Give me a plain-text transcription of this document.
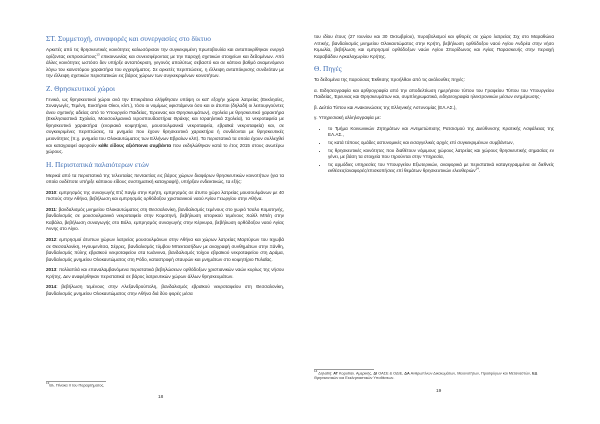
ΣΤ. Συμμετοχή, συναφορές και συνεργασίες στο δίκτυο

Αρκετές από τις θρησκευτικές κοινότητες καλωσόρισαν την συγκεκριμένη πρωτοβουλία και ανταποκρίθηκαν ενεργά ορίζοντας εκπροσώπους$^{13}$ επικοινωνίας και συνεισφέροντας με την παροχή σχετικών στοιχείων και δεδομένων. Από άλλες κοινότητες ωστόσο δεν υπήρξε ανταπόκριση, γεγονός απολύτως σεβαστό και σε κάποιο βαθμό αναμενόμενο λόγω του καινοτόμου χαρακτήρα του εγχειρήματος. Σε αρκετές περιπτώσεις, η έλλειψη ανταπόκρισης συνδεόταν με την έλλειψη σχετικών περιστατικών εις βάρος χώρων των συγκεκριμένων κοινοτήτων.

Ζ. Θρησκευτικοί χώροι

Γενικά, ως θρησκευτικοί χώροι ανά την Επικράτεια ελήφθησαν υπόψη οι κατ' εξοχήν χώροι λατρείας (Εκκλησίες, Συναγωγές, Τεμένη, Ευκτήριοι Οίκοι, κλπ.), τόσο οι νομίμως υφιστάμενοι όσο και οι άτυποι (δηλαδή οι λειτουργούντες άνευ σχετικής αδείας από το Υπουργείο Παιδείας, Έρευνας και Θρησκευμάτων), σχολεία με θρησκευτικό χαρακτήρα (Εκκλησιαστικά Σχολεία, Μουσουλμανικά Ιεροσπουδαστήρια Θράκης και Ισραηλιτικά Σχολεία), τα νεκροταφεία με θρησκευτικό χαρακτήρα (ενοριακά κοιμητήρια, μουσουλμανικά νεκροταφεία, εβραϊκά νεκροταφεία) και, σε συγκεκριμένες περιπτώσεις, τα μνημεία που έχουν θρησκευτικό χαρακτήρα ή συνδέονται με θρησκευτικές μειονότητες (π.χ. μνημεία του Ολοκαυτώματος των Ελλήνων Εβραίων κλπ). Τα περιστατικά τα οποία έχουν συλλεχθεί και καταγραφεί αφορούν κάθε είδους αξιόποινα συμβάντα που εκδηλώθηκαν κατά το έτος 2015 στους ανωτέρω χώρους.

Η. Περιστατικά παλαιότερων ετών

Μερικά από τα περιστατικά της τελευταίας πενταετίας εις βάρος χώρων διαφόρων θρησκευτικών κοινοτήτων (για τα οποία ουδέποτε υπήρξε κάποιου είδους συστηματική καταγραφή), υπήρξαν ενδεικτικώς, τα εξής:

2010: εμπρησμός της συναγωγής Ετζ Χαγίμ στην Κρήτη, εμπρησμός σε άτυπο χώρο λατρείας μουσουλμάνων με 40 πιστούς στην Αθήνα, βεβήλωση και εμπρησμός ορθόδοξου χριστιανικού ναού Αγίου Γεωργίου στην Αθήνα.

2011: βανδαλισμός μνημείου Ολοκαυτώματος στη Θεσσαλονίκη, βανδαλισμός τεμένους στο χωριό Ίσαλο Κομοτηνής, βανδαλισμός σε μουσουλμανικό νεκροταφείο στην Κομοτηνή, βεβήλωση ιστορικού τεμένους Χαλίλ Μπέη στην Καβάλα, βεβήλωση συναγωγής στο Βόλο, εμπρησμός συναγωγής στην Κέρκυρα, βεβήλωση ορθόδοξου ναού Αγίας Άννης στο Αίγιο.

2012: εμπρησμοί άτυπων χώρων λατρείας μουσουλμάνων στην Αθήνα και χώρων λατρείας Μαρτύρων του Ιεχωβά σε Θεσσαλονίκη, Ηγουμενίτσα, Σέρρες, βανδαλισμός τύμβου Μπεκτασήδων με αναγραφή συνθημάτων στην Ξάνθη, βανδαλισμός πύλης εβραϊκού νεκροταφείου στα Ιωάννινα, βανδαλισμός τοίχου εβραϊκού νεκροταφείου στη Δράμα, βανδαλισμός μνημείου Ολοκαυτώματος στη Ρόδο, καταστροφή σταυρών και μνημάτων στο κοιμητήριο Πυλαΐας.

2013: πολλαπλά και επαναλαμβανόμενα περιστατικά βεβηλώσεων ορθόδοξων χριστιανικών ναών κυρίως της νήσου Κρήτης. Δεν αναφέρθηκαν περιστατικά σε βάρος λατρευτικών χώρων άλλων θρησκευμάτων.

2014: βεβήλωση τεμένους στην Αλεξανδρούπολη, βανδαλισμός εβραϊκού νεκροταφείου στη Θεσσαλονίκη, βανδαλισμός μνημείου Ολοκαυτώματος στην Αθήνα διά δύο φορές μέσα

$^{13}$Βλ. Πίνακα II του Παραρτήματος.
18

του ιδίου έτους (27 Ιουνίου και 30 Οκτωβρίου), πυροβολισμοί και φθορές σε χώρο λατρείας Σιχ στο Μαραθώνα Αττικής, βανδαλισμός μνημείου Ολοκαυτώματος στην Κρήτη, βεβήλωση ορθόδοξου ναού Αγίου Ανδρέα στην νήσο Κιμωλία, βεβήλωση και εμπρησμοί ορθόδοξων ναών Αγίου Σπυρίδωνος και Αγίας Παρασκευής στην περιοχή Καραβάδου Αρκαλοχωρίου Κρήτης.

Θ. Πηγές

Τα δεδομένα της παρούσας Έκθεσης προήλθαν από τις ακόλουθες πηγές:

α. Ειδησεογραφία και αρθρογραφία από την αποδελτίωση ημερήσιου τύπου του Γραφείου Τύπου του Υπουργείου Παιδείας, Έρευνας και Θρησκευμάτων και, συμπληρωματικά, ειδησεογραφία ηλεκτρονικών μέσων ενημέρωσης·

β. Δελτία Τύπου και Ανακοινώσεις της Ελληνικής Αστυνομίας (ΕΛ.ΑΣ.),

γ. Υπηρεσιακή αλληλογραφία με:

• το Τμήμα Κοινωνικών Ζητημάτων και Αντιμετώπισης Ρατσισμού της Διεύθυνσης Κρατικής Ασφάλειας της ΕΛ.ΑΣ.,
• τις κατά τόπους ομάδες αστυνομικές και εισαγγελικές αρχές επί συγκεκριμένων συμβάντων,
• τις θρησκευτικές κοινότητες που διαθέτουν νόμιμους χώρους λατρείας και χώρους θρησκευτικής σημασίας εν γένει, με βάση τα στοιχεία που τηρούνται στην Υπηρεσία,
• τις αρμόδιες υπηρεσίες του Υπουργείου Εξωτερικών, αναφορικά με περιστατικά καταγεγραμμένα σε διεθνείς εκθέσεις/αναφορές/επισκοπήσεις επί θεμάτων θρησκευτικών ελευθεριών$^{14}$.
$^{14}$ Δηλαδή: ΑΤ Κορυδαλ. Αμερικής, ΔΙ ΟΑΣΕ & ΟΔΙΕ, ΔΑ Ανθρωπίνων Δικαιωμάτων, Μειονοτήτων, Προσφύγων και Μεταναστών, ΕΔ Θρησκευτικών και Εκκλησιαστικών Υποθέσεων.
19
